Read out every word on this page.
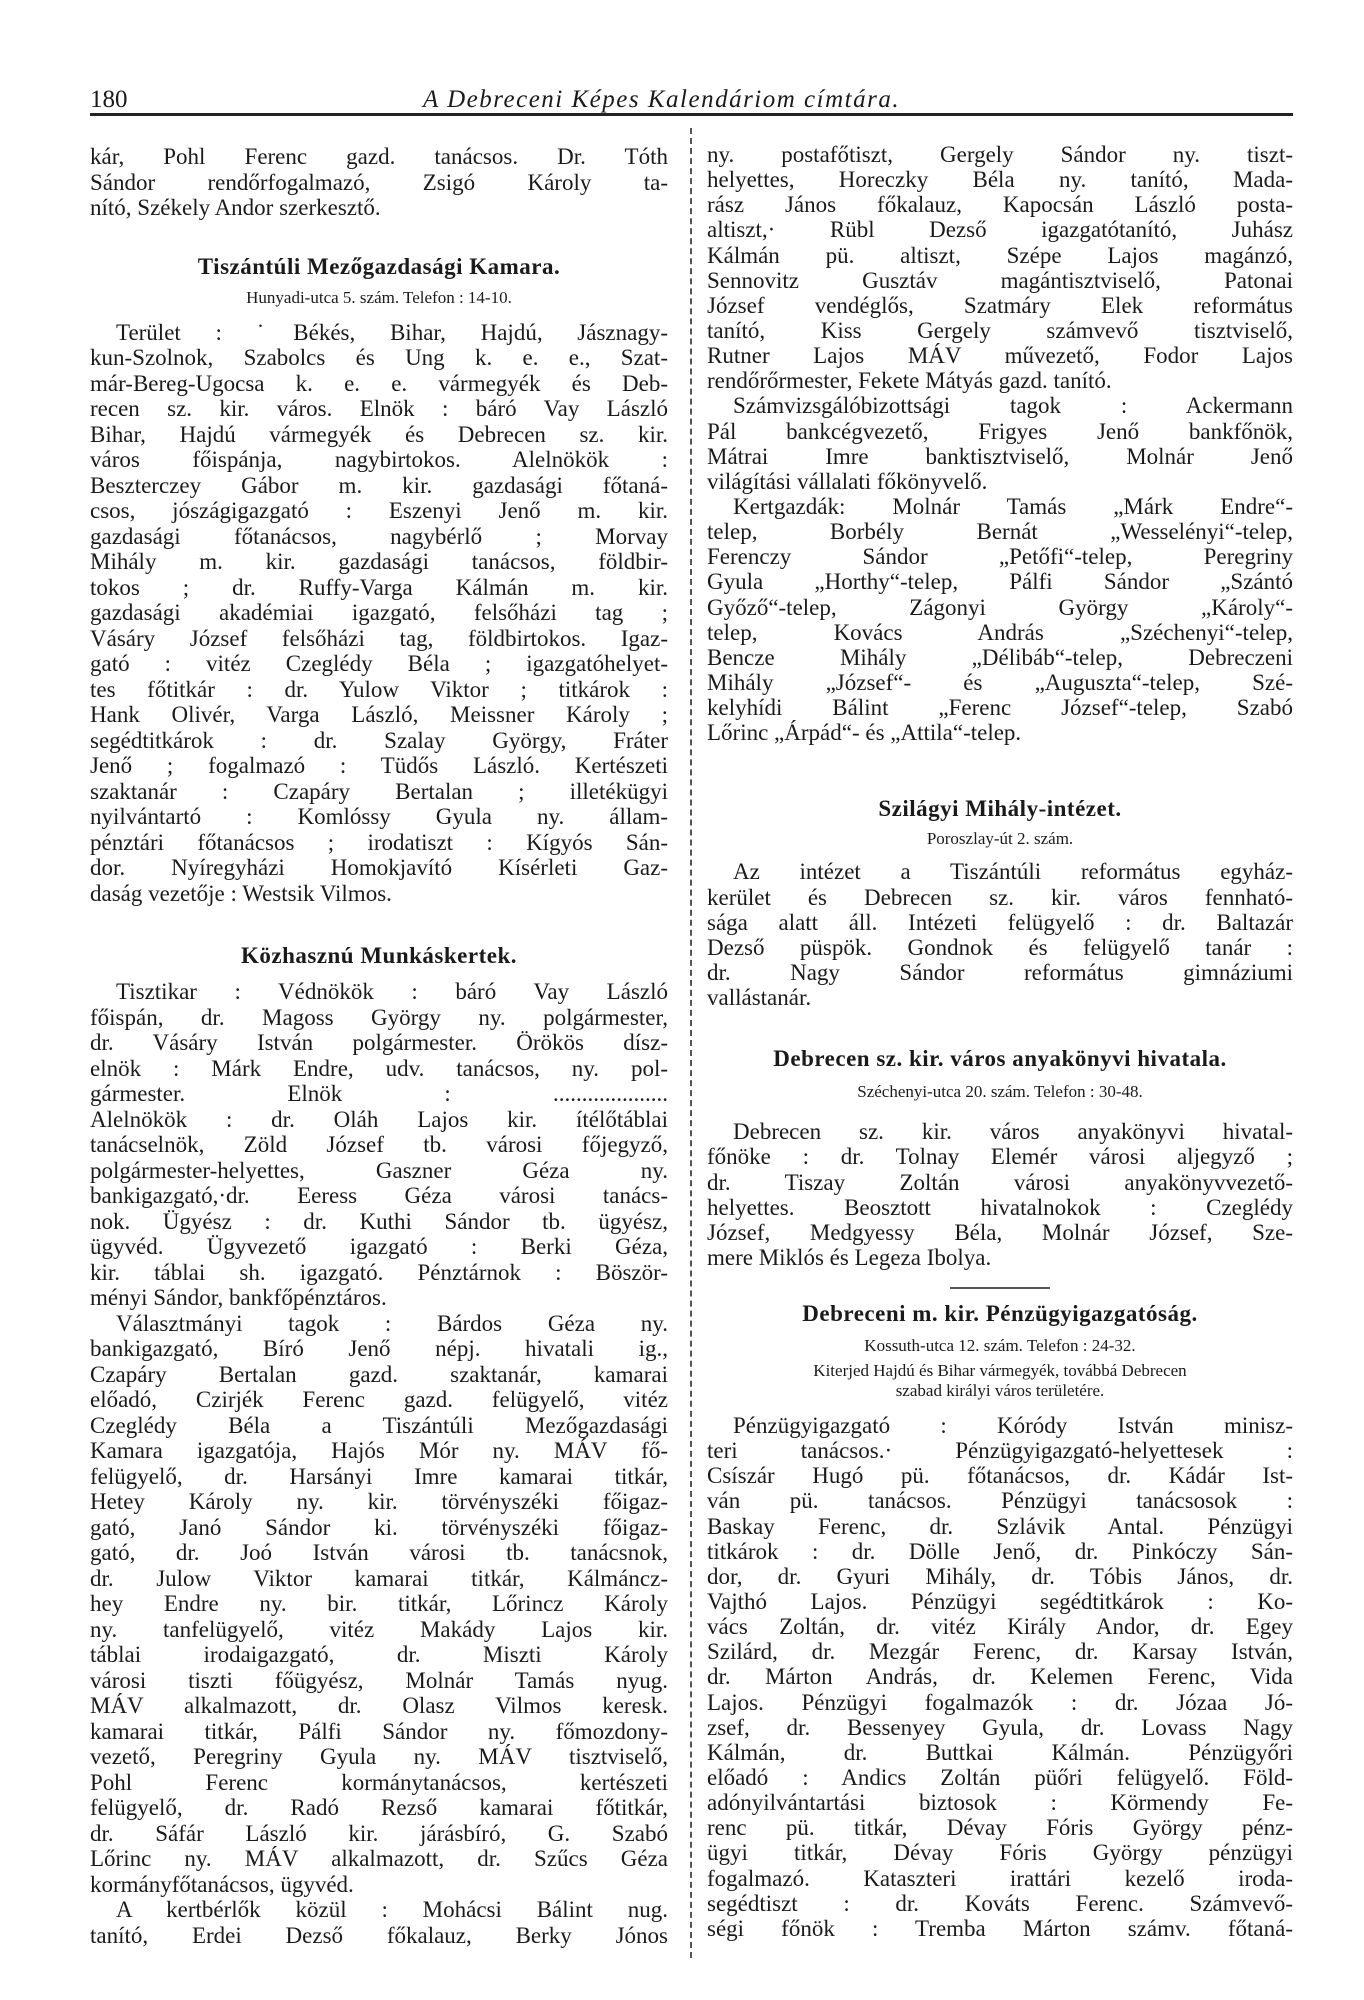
180	A Debreceni Képes Kalendáriom címtára.
kár, Pohl Ferenc gazd. tanácsos. Dr. Tóth
Sándor rendőrfogalmazó, Zsigó Károly ta-
nító, Székely Andor szerkesztő.
Tiszántúli Mezőgazdasági Kamara.
Hunyadi-utca 5. szám. Telefon : 14-10.
Terület : ˙Békés, Bihar, Hajdú, Jásznagy-
kun-Szolnok, Szabolcs és Ung k. e. e., Szat-
már-Bereg-Ugocsa k. e. e. vármegyék és Deb-
recen sz. kir. város. Elnök : báró Vay László
Bihar, Hajdú vármegyék és Debrecen sz. kir.
város főispánja, nagybirtokos. Alelnökök :
Beszterczey Gábor m. kir. gazdasági főtaná-
csos, jószágigazgató : Eszenyi Jenő m. kir.
gazdasági főtanácsos, nagybérlő ; Morvay
Mihály m. kir. gazdasági tanácsos, földbir-
tokos ; dr. Ruffy-Varga Kálmán m. kir.
gazdasági akadémiai igazgató, felsőházi tag ;
Vásáry József felsőházi tag, földbirtokos. Igaz-
gató : vitéz Czeglédy Béla ; igazgatóhelyet-
tes főtitkár : dr. Yulow Viktor ; titkárok :
Hank Olivér, Varga László, Meissner Károly ;
segédtitkárok : dr. Szalay György, Fráter
Jenő ; fogalmazó : Tüdős László. Kertészeti
szaktanár : Czapáry Bertalan ; illetékügyi
nyilvántartó : Komlóssy Gyula ny. állam-
pénztári főtanácsos ; irodatiszt : Kígyós Sán-
dor. Nyíregyházi Homokjavító Kísérleti Gaz-
daság vezetője : Westsik Vilmos.
Közhasznú Munkáskertek.
Tisztikar : Védnökök : báró Vay László
főispán, dr. Magoss György ny. polgármester,
dr. Vásáry István polgármester. Örökös dísz-
elnök : Márk Endre, udv. tanácsos, ny. pol-
gármester. Elnök : ....................
Alelnökök : dr. Oláh Lajos kir. ítélőtáblai
tanácselnök, Zöld József tb. városi főjegyző,
polgármester-helyettes, Gaszner Géza ny.
bankigazgató,·dr. Eeress Géza városi tanács-
nok. Ügyész : dr. Kuthi Sándor tb. ügyész,
ügyvéd. Ügyvezető igazgató : Berki Géza,
kir. táblai sh. igazgató. Pénztárnok : Böször-
ményi Sándor, bankfőpénztáros.
Választmányi tagok : Bárdos Géza ny.
bankigazgató, Bíró Jenő népj. hivatali ig.,
Czapáry Bertalan gazd. szaktanár, kamarai
előadó, Czirjék Ferenc gazd. felügyelő, vitéz
Czeglédy Béla a Tiszántúli Mezőgazdasági
Kamara igazgatója, Hajós Mór ny. MÁV fő-
felügyelő, dr. Harsányi Imre kamarai titkár,
Hetey Károly ny. kir. törvényszéki főigaz-
gató, Janó Sándor ki. törvényszéki főigaz-
gató, dr. Joó István városi tb. tanácsnok,
dr. Julow Viktor kamarai titkár, Kálmáncz-
hey Endre ny. bir. titkár, Lőrincz Károly
ny. tanfelügyelő, vitéz Makády Lajos kir.
táblai irodaigazgató, dr. Miszti Károly
városi tiszti főügyész, Molnár Tamás nyug.
MÁV alkalmazott, dr. Olasz Vilmos keresk.
kamarai titkár, Pálfi Sándor ny. főmozdony-
vezető, Peregriny Gyula ny. MÁV tisztviselő,
Pohl Ferenc kormánytanácsos, kertészeti
felügyelő, dr. Radó Rezső kamarai főtitkár,
dr. Sáfár László kir. járásbíró, G. Szabó
Lőrinc ny. MÁV alkalmazott, dr. Szűcs Géza
kormányfőtanácsos, ügyvéd.
A kertbérlők közül : Mohácsi Bálint nug.
tanító, Erdei Dezső főkalauz, Berky Jónos
ny. postafőtiszt, Gergely Sándor ny. tiszt-
helyettes, Horeczky Béla ny. tanító, Mada-
rász János főkalauz, Kapocsán László posta-
altiszt,· Rübl Dezső igazgatótanító, Juhász
Kálmán pü. altiszt, Szépe Lajos magánzó,
Sennovitz Gusztáv magántisztviselő, Patonai
József vendéglős, Szatmáry Elek református
tanító, Kiss Gergely számvevő tisztviselő,
Rutner Lajos MÁV művezető, Fodor Lajos
rendőrőrmester, Fekete Mátyás gazd. tanító.
Számvizsgálóbizottsági tagok : Ackermann
Pál bankcégvezető, Frigyes Jenő bankfőnök,
Mátrai Imre banktisztviselő, Molnár Jenő
világítási vállalati főkönyvelő.
Kertgazdák: Molnár Tamás „Márk Endre“-
telep, Borbély Bernát „Wesselényi“-telep,
Ferenczy Sándor „Petőfi“-telep, Peregriny
Gyula „Horthy“-telep, Pálfi Sándor „Szántó
Győző“-telep, Zágonyi György „Károly“-
telep, Kovács András „Széchenyi“-telep,
Bencze Mihály „Délibáb“-telep, Debreczeni
Mihály „József“- és „Auguszta“-telep, Szé-
kelyhídi Bálint „Ferenc József“-telep, Szabó
Lőrinc „Árpád“- és „Attila“-telep.
Szilágyi Mihály-intézet.
Poroszlay-út 2. szám.
Az intézet a Tiszántúli református egyház-
kerület és Debrecen sz. kir. város fennható-
sága alatt áll. Intézeti felügyelő : dr. Baltazár
Dezső püspök. Gondnok és felügyelő tanár :
dr. Nagy Sándor református gimnáziumi
vallástanár.
Debrecen sz. kir. város anyakönyvi hivatala.
Széchenyi-utca 20. szám. Telefon : 30-48.
Debrecen sz. kir. város anyakönyvi hivatal-
főnöke : dr. Tolnay Elemér városi aljegyző ;
dr. Tiszay Zoltán városi anyakönyvvezető-
helyettes. Beosztott hivatalnokok : Czeglédy
József, Medgyessy Béla, Molnár József, Sze-
mere Miklós és Legeza Ibolya.
Debreceni m. kir. Pénzügyigazgatóság.
Kossuth-utca 12. szám. Telefon : 24-32.
Kiterjed Hajdú és Bihar vármegyék, továbbá Debrecen
szabad királyi város területére.
Pénzügyigazgató : Kóródy István minisz-
teri tanácsos.· Pénzügyigazgató-helyettesek :
Csíszár Hugó pü. főtanácsos, dr. Kádár Ist-
ván pü. tanácsos. Pénzügyi tanácsosok :
Baskay Ferenc, dr. Szlávik Antal. Pénzügyi
titkárok : dr. Dölle Jenő, dr. Pinkóczy Sán-
dor, dr. Gyuri Mihály, dr. Tóbis János, dr.
Vajthó Lajos. Pénzügyi segédtitkárok : Ko-
vács Zoltán, dr. vitéz Király Andor, dr. Egey
Szilárd, dr. Mezgár Ferenc, dr. Karsay István,
dr. Márton András, dr. Kelemen Ferenc, Vida
Lajos. Pénzügyi fogalmazók : dr. Józaa Jó-
zsef, dr. Bessenyey Gyula, dr. Lovass Nagy
Kálmán, dr. Buttkai Kálmán. Pénzügyőri
előadó : Andics Zoltán püőri felügyelő. Föld-
adónyilvántartási biztosok : Körmendy Fe-
renc pü. titkár, Dévay Fóris György pénz-
ügyi titkár, Dévay Fóris György pénzügyi
fogalmazó. Kataszteri irattári kezelő iroda-
segédtiszt : dr. Kováts Ferenc. Számvevő-
ségi főnök : Tremba Márton számv. főtaná-
